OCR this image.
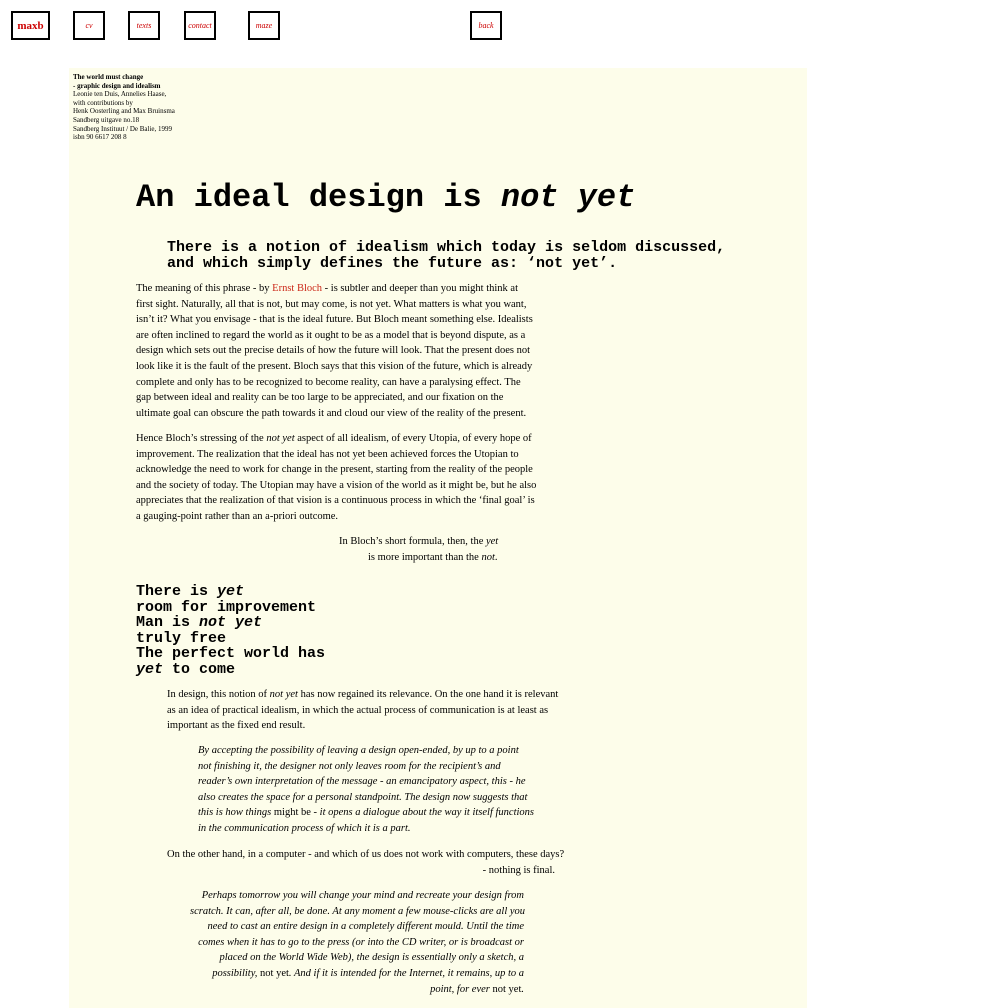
maxb	cv	texts	contact	maze	back
The world must change
- graphic design and idealism
Leonie ten Duis, Annelies Haase,
with contributions by
Henk Oosterling and Max Bruinsma
Sandberg uitgave no.18
Sandberg Instituut / De Balie, 1999
isbn 90 6617 208 8
An ideal design is not yet
There is a notion of idealism which today is seldom discussed,
and which simply defines the future as: ‘not yet’.
The meaning of this phrase - by Ernst Bloch - is subtler and deeper than you might think at
first sight. Naturally, all that is not, but may come, is not yet. What matters is what you want,
isn’t it? What you envisage - that is the ideal future. But Bloch meant something else. Idealists
are often inclined to regard the world as it ought to be as a model that is beyond dispute, as a
design which sets out the precise details of how the future will look. That the present does not
look like it is the fault of the present. Bloch says that this vision of the future, which is already
complete and only has to be recognized to become reality, can have a paralysing effect. The
gap between ideal and reality can be too large to be appreciated, and our fixation on the
ultimate goal can obscure the path towards it and cloud our view of the reality of the present.
Hence Bloch’s stressing of the not yet aspect of all idealism, of every Utopia, of every hope of
improvement. The realization that the ideal has not yet been achieved forces the Utopian to
acknowledge the need to work for change in the present, starting from the reality of the people
and the society of today. The Utopian may have a vision of the world as it might be, but he also
appreciates that the realization of that vision is a continuous process in which the ‘final goal’ is
a gauging-point rather than an a-priori outcome.
In Bloch’s short formula, then, the yet
is more important than the not.
There is yet
room for improvement
Man is not yet
truly free
The perfect world has
yet to come
In design, this notion of not yet has now regained its relevance. On the one hand it is relevant
as an idea of practical idealism, in which the actual process of communication is at least as
important as the fixed end result.
By accepting the possibility of leaving a design open-ended, by up to a point
not finishing it, the designer not only leaves room for the recipient’s and
reader’s own interpretation of the message - an emancipatory aspect, this - he
also creates the space for a personal standpoint. The design now suggests that
this is how things might be - it opens a dialogue about the way it itself functions
in the communication process of which it is a part.
On the other hand, in a computer - and which of us does not work with computers, these days?
- nothing is final.
Perhaps tomorrow you will change your mind and recreate your design from
scratch. It can, after all, be done. At any moment a few mouse-clicks are all you
need to cast an entire design in a completely different mould. Until the time
comes when it has to go to the press (or into the CD writer, or is broadcast or
placed on the World Wide Web), the design is essentially only a sketch, a
possibility, not yet. And if it is intended for the Internet, it remains, up to a
point, for ever not yet.
